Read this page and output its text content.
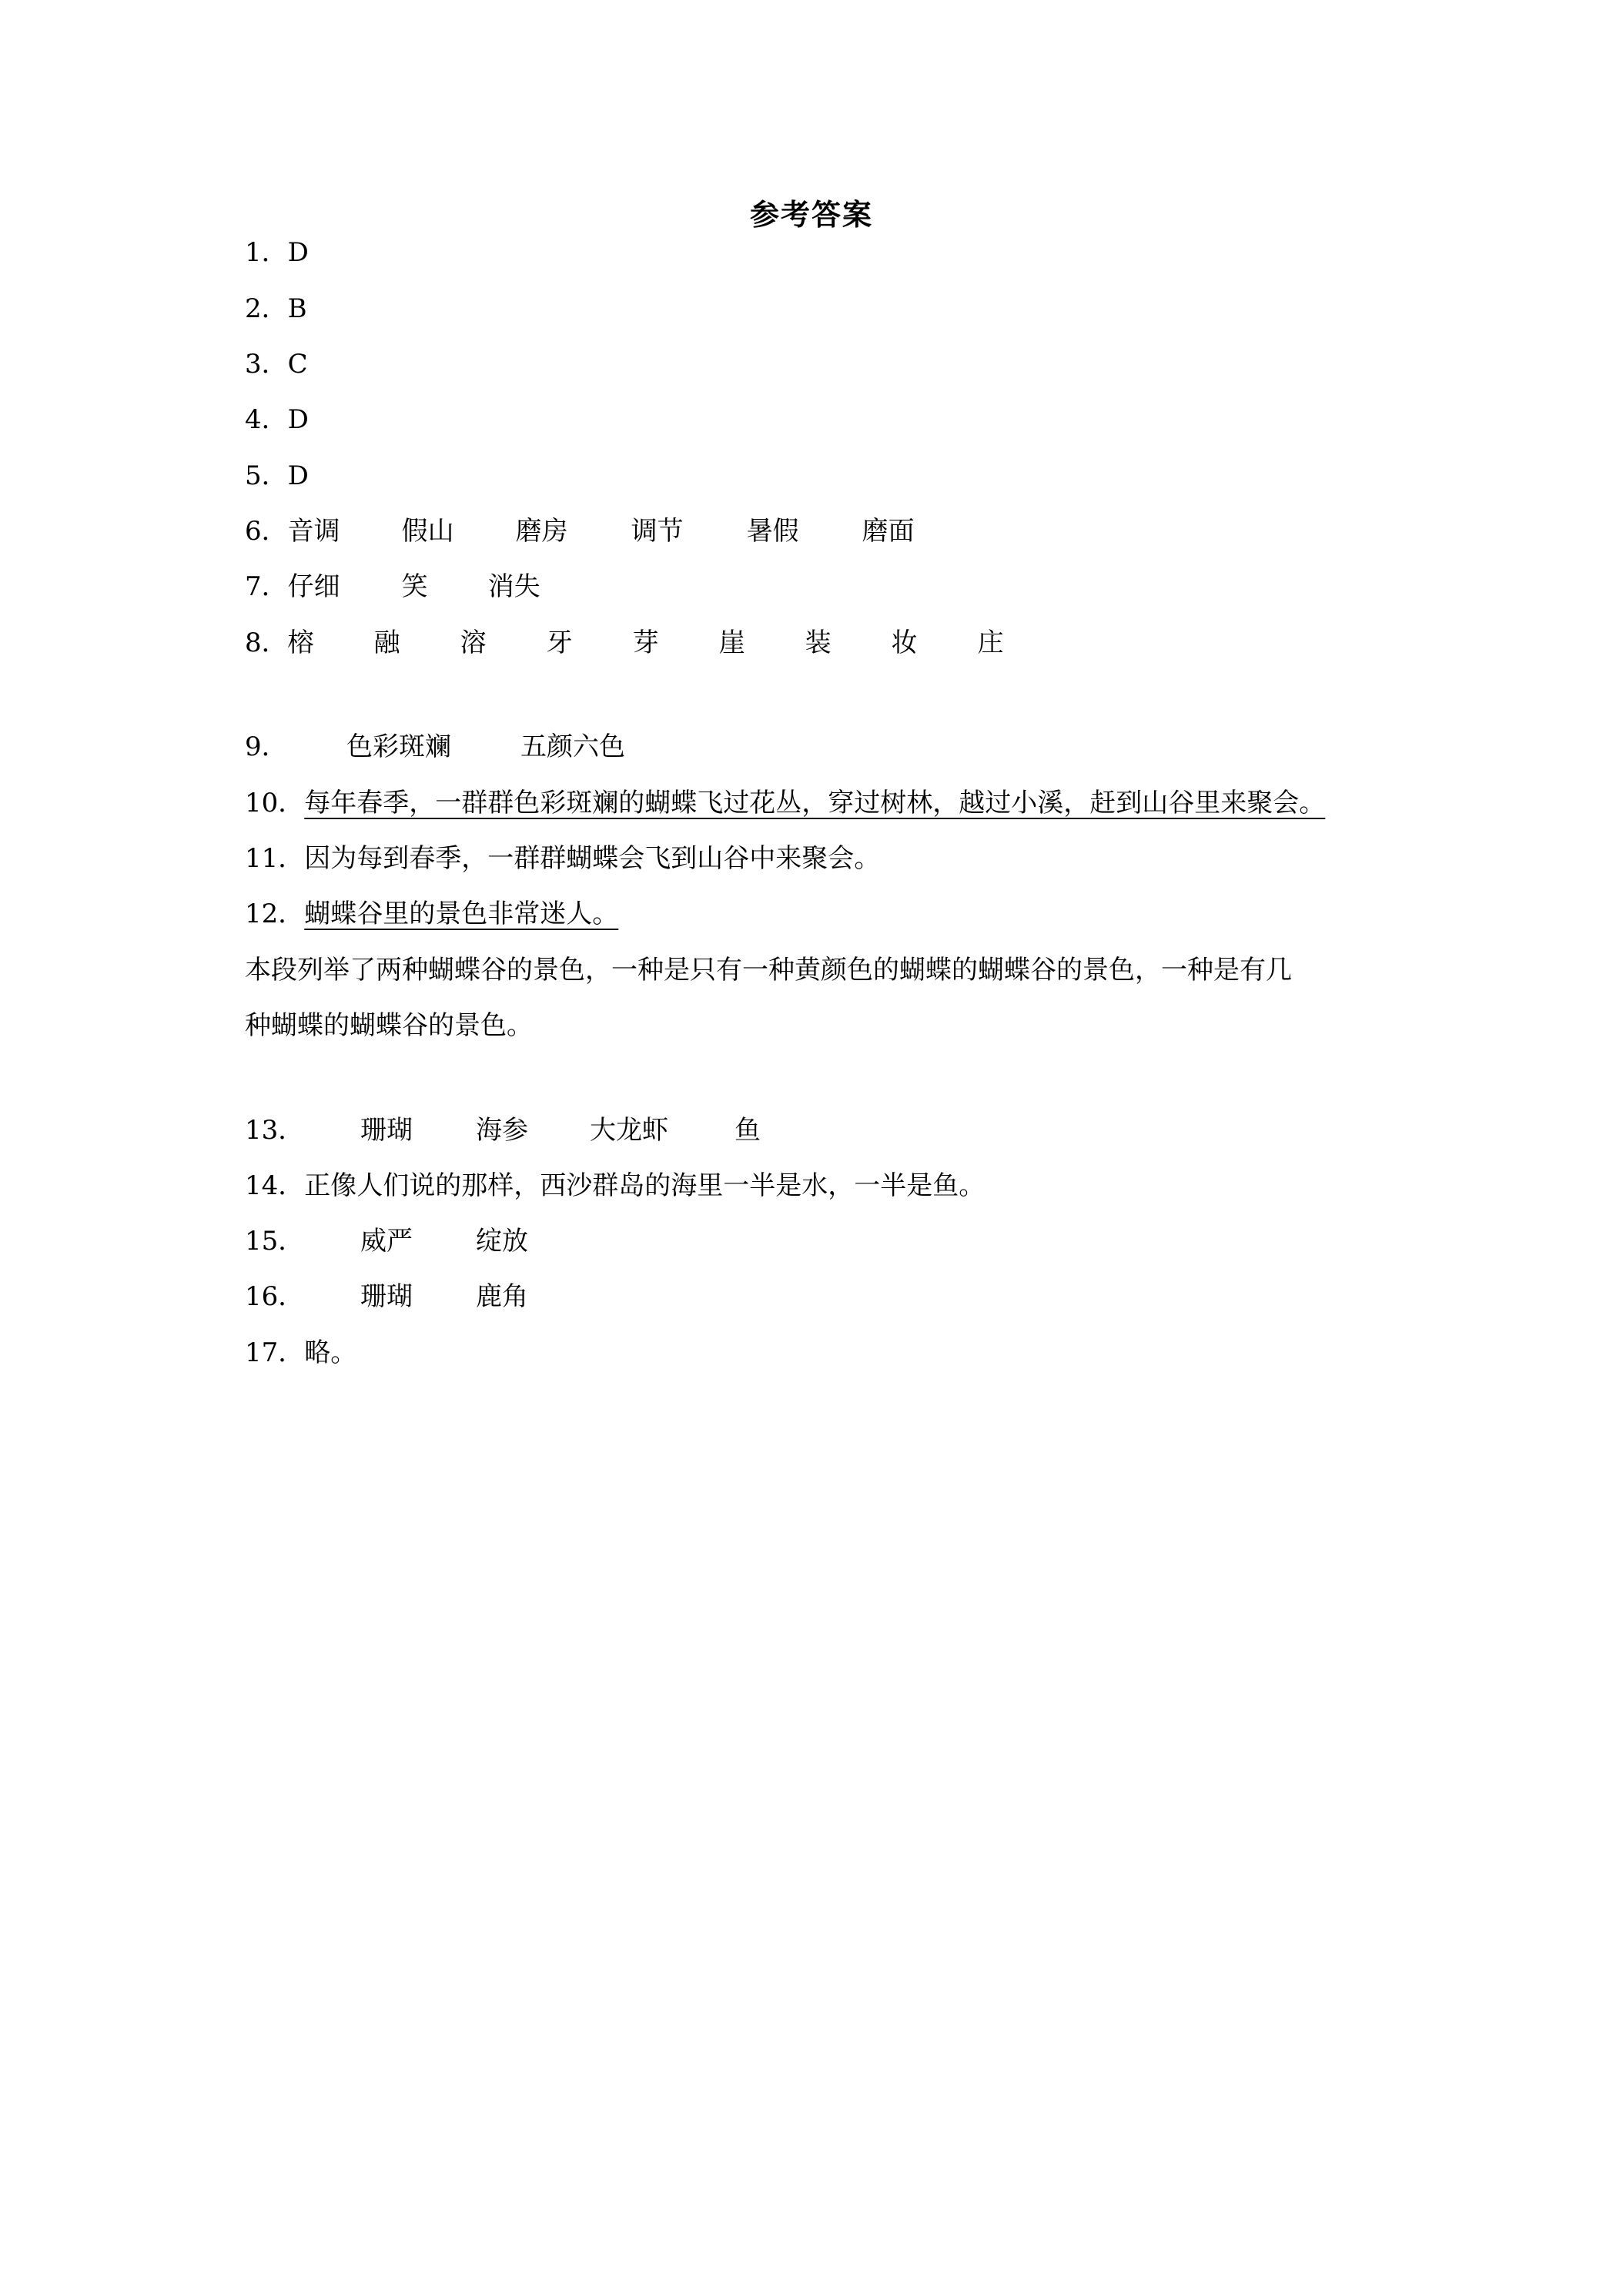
参考答案
1．D
2．B
3．C
4．D
5．D
6．音调 假山 磨房 调节 暑假 磨面
7．仔细 笑 消失
8．榕 融 溶 牙 芽 崖 装 妆 庄
9． 色彩斑斓	五颜六色
10．每年春季，一群群色彩斑斓的蝴蝶飞过花丛，穿过树林，越过小溪，赶到山谷里来聚会。
11．因为每到春季，一群群蝴蝶会飞到山谷中来聚会。
12．蝴蝶谷里的景色非常迷人。
本段列举了两种蝴蝶谷的景色，一种是只有一种黄颜色的蝴蝶的蝴蝶谷的景色，一种是有几
种蝴蝶的蝴蝶谷的景色。
13． 珊瑚 海参 大龙虾	鱼
14．正像人们说的那样，西沙群岛的海里一半是水，一半是鱼。
15． 威严 绽放
16． 珊瑚 鹿角
17．略。
